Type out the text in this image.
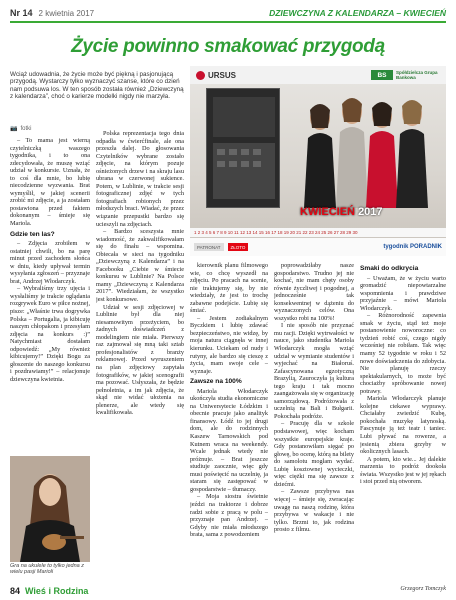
Nr 14 2 kwietnia 2017	DZIEWCZYNA Z KALENDARZA – KWIECIEŃ
Życie powinno smakować przygodą

Wciąż udowadnia, że życie może być piękną i pasjonującą przygodą. Wystarczy tylko wyznaczyć szanse, które co dzień nam podsuwa los. W ten sposób została również „Dziewczyną z kalendarza”, choć o karierze modelki nigdy nie marzyła.

📷 fotki
URSUS	BS	Spółdzielcza Grupa Bankowa
KWIECIEŃ 2017
1 2 3 4 5 6 7 8 9 10 11 12 13 14 15 16 17 18 19 20 21 22 23 24 25 26 27 28 29 30
PATRONAT	ZŁOTO	tygodnik PORADNIK

– To mama jest wierną czytelniczką waszego tygodnika, i to ona zdecydowała, że muszę wziąć udział w konkursie. Uznała, że to coś dla mnie, bo lubię niecodzienne wyzwania. Brat wymyślił, w jakiej scenerii zrobić mi zdjęcie, a ja zostałam postawiona przed faktem dokonanym – śmieje się Mariola.

Gdzie ten las?

– Zdjęcia zrobiłem w ostatniej chwili, bo na parę minut przed zachodem słońca w dniu, kiedy upływał termin wysyłania zgłoszeń – przyznaje brat, Andrzej Włodarczyk.

– Wybraliśmy trzy ujęcia i wysłaliśmy je trakcie oglądania rozgrywek Euro w piłce nożnej, pisze: „Właśnie trwa dogrywka Polska – Portugalia, ja kibicuję naszym chłopakom i przesyłam zdjęcia na konkurs :)” Natychmiast dostałam odpowiedź: „My również kibicujemy!” Dzięki Bogu za głoszenie do naszego konkursu i pozdrawiamy!” – relacjonuje dziewczyna kwietnia.

Polska reprezentacja tego dnia odpadła w ćwierćfinale, ale ona przeszła dalej. Do głosowania Czytelników wybrane zostało zdjęcie, na którym pozuje ośnieżonych drzew i na skraju lasu ubrana w czerwonej sukience. Potem, w Lublinie, w trakcie sesji fotograficznej zdjęć w tych fotografiach robionych przez młodszych braci. Wiadać, że przez wiązanie przepustki bardzo się ucieszyli na zdjęciach.

– Bardzo sceszysta mnie wiadomość, że zakwalifikowałam się do finału – wspomina. Obiecała w sieci na tygodniku „Dziewczyną z Kalendarza” i na Facebooku „Ciebie w śmiecie konkursu w Lublinie? Na Polsce mamy „Dziewczyną z Kalendarza 2017”. Wiedziałam, że wszystko jest konkursowe.

Udział w sesji zdjęciowej w Lublinie był dla niej niesamowitym przeżyciem, bo żadnych doświadczeń z modelingiem nie miała. Pierwszy raz zajmował się mną taki sztab profesjonalistów z branży reklamowej. Przed wyruszeniem na plan zdjęciowy zapytała fotografików, w jakiej scenografii ma pozować. Usłyszała, że będzie pełnoletnia, a im jak zdjęcia, że skąd nie widać ułożenia na plenerze, ale wtedy się kwalifikowała.

kierownik planu filmowego wie, co chcę wyszedł na zdjęciu. Po pracach na scenie, nie traktujemy się, by nie wiedziały, że jest to trochę zabawne podejście. Lubię się śmiać.

– Jestem zodiakalnym Byczkiem i lubię zdawać bezpieczeństwo, nie widzę, by moja natura ciągnęła w innej kierunku. Uciekam od nudy i rutyny, ale bardzo się cieszę z życia, mam swoje cele – wyznaje.

Zawsze na 100%

Mariola Włodarczyk ukończyła studia ekonomiczne na Uniwersytecie Łódzkim i obecnie pracuje jako analityk finansowy. Łódź to jej drugi dom, ale do rodzinnych Kaszew Tarnowskich pod Kutnem wraca na weekendy. Wcale jednak wtedy nie próżnuje. – Brat jeszcze studiuje zaocznie, więc gdy musi poświęcić na uczelnię, ja staram się zastępować w gospodarstwie – tłumaczy.

– Moja siostra świetnie jeździ na traktorze i dobrze radzi sobie z pracą w polu – przyznaje pan Andrzej. – Gdyby nie miała młodszego brata, sama z powodzeniem

poprowadziłaby nasze gospodarstwo. Trudno jej nie kochać, nie mam chęty osoby równie życzliwej i pogodnej, a jednocześnie tak konsekwentnej w dążeniu do wyznaczonych celów. Ona wszystko robi na 100%!

I nie sposób nie przyznać mu racji. Dzięki wytrwałości w nauce, jako studentka Mariola Włodarczyk mogła wziąć udział w wymianie studentów i wyjechać na Białoruś. Zafascynowana egzotyczną Brazylią, Zauroczyła ją kultura tego kraju i tak mocno zaangażowała się w organizację samorządową. Podróżowała z uczelnią na Bali i Bułgarii. Pokochała podróże.

– Pracuję dla w szkole podstawowej, więc kocham wszystkie europejskie kraje. Gdy postanowiłam sięgać po głowę, bo ocenę, którą na bilety do samolotu mogłam wydać. Lubię kosztownej wycieczki, więc ciężki ma się zawsze z dziećmi.

– Zawsze przybywa nas więcej – śmieje się, zwracając uwagę na naszą rodzinę, która przybywa w wakacje i nie tylko. Brzmi to, jak rodzina prosto z filmu.

Smaki do odkrycia

– Uważam, że w życiu warto gromadzić niepowtarzalne wspomnienia i prawdziwe przyjaźnie – mówi Mariola Włodarczyk.

– Różnorodność zapewnia smak w życiu, stąd też moje postanowienie noworoczne: co tydzień robić coś, czego nigdy wcześniej nie robiłam. Tak więc mamy 52 tygodnie w roku i 52 nowe doświadczenia do zdobycia. Nie planuję rzeczy spektakularnych, to może być chociażby spróbowanie nowej potrawy.

Mariola Włodarczyk planuje kolejne ciekawe wyprawy. Chciałaby zwiedzić Kubę, pokochała muzykę latynoską. Fascynuje ją też teatr i taniec. Lubi pływać na rowerze, a jesienią zbiera grzyby w okolicznych lasach.

A potem, kto wie... Jej dalekie marzenia to podróż dookoła świata. Wszystko jest w jej rękach i stoi przed nią otworem.

Gra na ukulele to tylko jedna z wielu pasji Marioli

84 Wieś i Rodzina	Grzegorz Tomczyk
